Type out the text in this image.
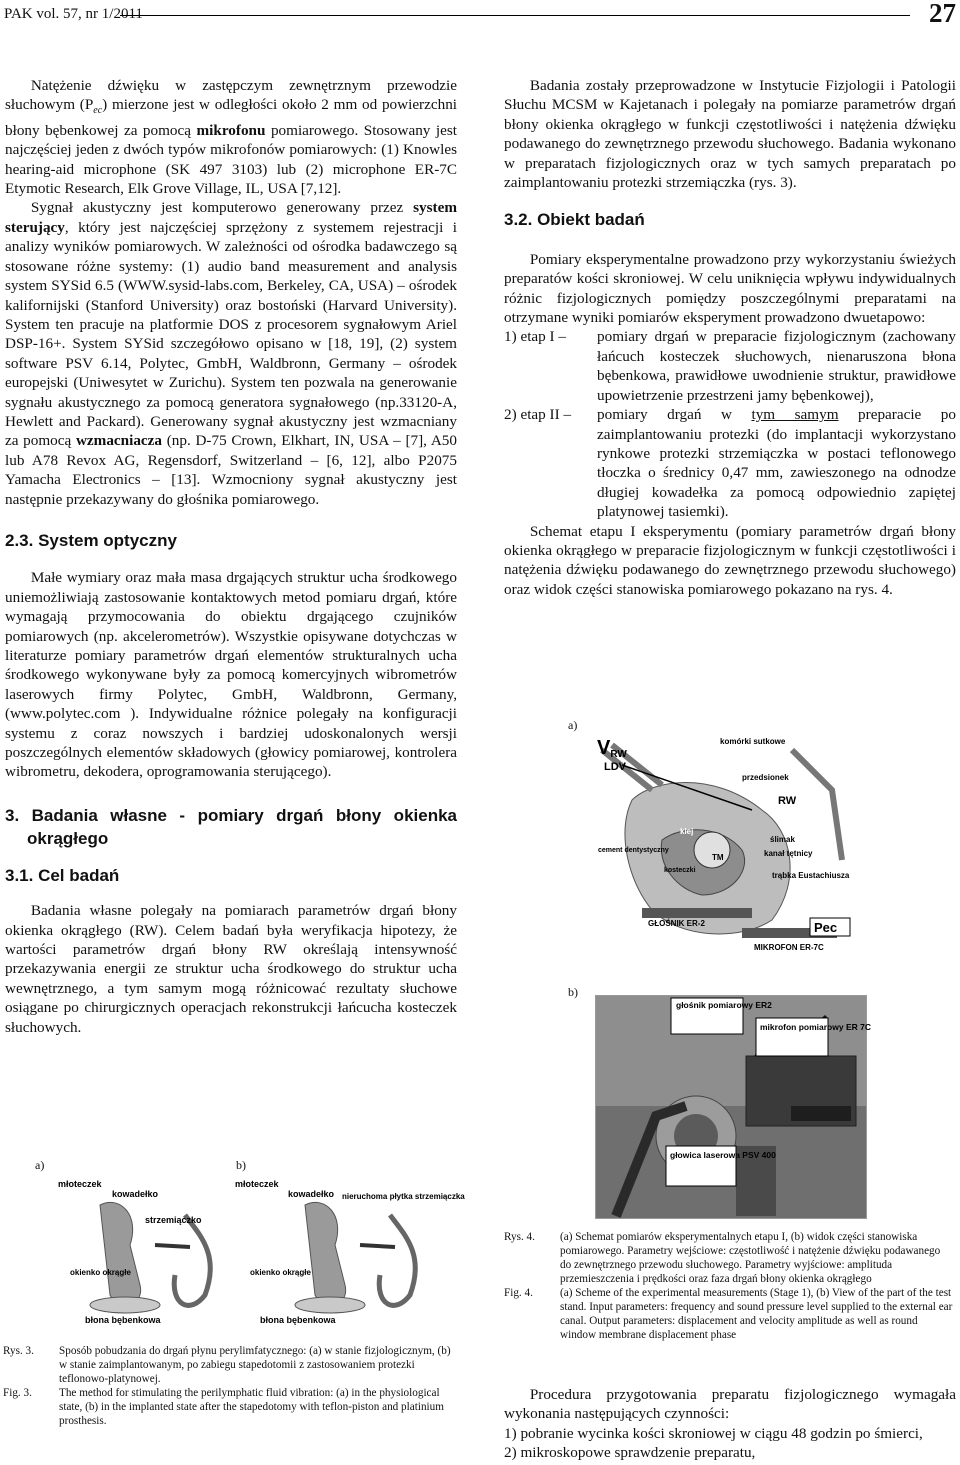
PAK vol. 57, nr 1/2011	27

Natężenie dźwięku w zastępczym zewnętrznym przewodzie słuchowym $(P_{ec})$ mierzone jest w odległości około 2 mm od powierzchni błony bębenkowej za pomocą mikrofonu pomiarowego. Stosowany jest najczęściej jeden z dwóch typów mikrofonów pomiarowych: (1) Knowles hearing-aid microphone (SK 497 3103) lub (2) microphone ER-7C Etymotic Research, Elk Grove Village, IL, USA [7,12].

Sygnał akustyczny jest komputerowo generowany przez system sterujący, który jest najczęściej sprzężony z systemem rejestracji i analizy wyników pomiarowych. W zależności od ośrodka badawczego są stosowane różne systemy: (1) audio band measurement and analysis system SYSid 6.5 (WWW.sysid-labs.com, Berkeley, CA, USA) – ośrodek kalifornijski (Stanford University) oraz bostoński (Harvard University). System ten pracuje na platformie DOS z procesorem sygnałowym Ariel DSP-16+. System SYSid szczegółowo opisano w [18, 19], (2) system software PSV 6.14, Polytec, GmbH, Waldbronn, Germany – ośrodek europejski (Uniwesytet w Zurichu). System ten pozwala na generowanie sygnału akustycznego za pomocą generatora sygnałowego (np.33120-A, Hewlett and Packard). Generowany sygnał akustyczny jest wzmacniany za pomocą wzmacniacza (np. D-75 Crown, Elkhart, IN, USA – [7], A50 lub A78 Revox AG, Regensdorf, Switzerland – [6, 12], albo P2075 Yamacha Electronics – [13]. Wzmocniony sygnał akustyczny jest następnie przekazywany do głośnika pomiarowego.

2.3. System optyczny

Małe wymiary oraz mała masa drgających struktur ucha środkowego uniemożliwiają zastosowanie kontaktowych metod pomiaru drgań, które wymagają przymocowania do obiektu drgającego czujników pomiarowych (np. akcelerometrów). Wszystkie opisywane dotychczas w literaturze pomiary parametrów drgań elementów strukturalnych ucha środkowego wykonywane były za pomocą komercyjnych wibrometrów laserowych firmy Polytec, GmbH, Waldbronn, Germany, (www.polytec.com ). Indywidualne różnice polegały na konfiguracji systemu z coraz nowszych i bardziej udoskonalonych wersji poszczególnych elementów składowych (głowicy pomiarowej, kontrolera wibrometru, dekodera, oprogramowania sterującego).

3. Badania własne - pomiary drgań błony okienka okrągłego
3.1. Cel badań

Badania własne polegały na pomiarach parametrów drgań błony okienka okrągłego (RW). Celem badań była weryfikacja hipotezy, że wartości parametrów drgań błony RW określają intensywność przekazywania energii ze struktur ucha środkowego do struktur ucha wewnętrznego, a tym samym mogą różnicować rezultaty słuchowe osiągane po chirurgicznych operacjach rekonstrukcji łańcucha kosteczek słuchowych.

Badania zostały przeprowadzone w Instytucie Fizjologii i Patologii Słuchu MCSM w Kajetanach i polegały na pomiarze parametrów drgań błony okienka okrągłego w funkcji częstotliwości i natężenia dźwięku podawanego do zewnętrznego przewodu słuchowego. Badania wykonano w preparatach fizjologicznych oraz w tych samych preparatach po zaimplantowaniu protezki strzemiączka (rys. 3).

3.2. Obiekt badań

Pomiary eksperymentalne prowadzono przy wykorzystaniu świeżych preparatów kości skroniowej. W celu uniknięcia wpływu indywidualnych różnic fizjologicznych pomiędzy poszczególnymi preparatami na otrzymane wyniki pomiarów eksperyment prowadzono dwuetapowo:

1) etap I –	pomiary drgań w preparacie fizjologicznym (zachowany łańcuch kosteczek słuchowych, nienaruszona błona bębenkowa, prawidłowe uwodnienie struktur, prawidłowe upowietrzenie przestrzeni jamy bębenkowej),
2) etap II –	pomiary drgań w tym samym preparacie po zaimplantowaniu protezki (do implantacji wykorzystano rynkowe protezki strzemiączka w postaci teflonowego tłoczka o średnicy 0,47 mm, zawieszonego na odnodze długiej kowadełka za pomocą odpowiednio zapiętej platynowej tasiemki).

Schemat etapu I eksperymentu (pomiary parametrów drgań błony okienka okrągłego w preparacie fizjologicznym w funkcji częstotliwości i natężenia dźwięku podawanego do zewnętrznego przewodu słuchowego) oraz widok części stanowiska pomiarowego pokazano na rys. 4.

a)
VRW
LDV
komórki sutkowe
przedsionek
RW
ślimak
kanał tętnicy
trąbka Eustachiusza
cement dentystyczny
klej
TM
kosteczki
GŁOŚNIK ER-2	Pec
MIKROFON ER-7C
b)
głośnik pomiarowy ER2
mikrofon pomiarowy ER 7C
głowica laserowa PSV 400
Rys. 4.	(a) Schemat pomiarów eksperymentalnych etapu I, (b) widok części stanowiska pomiarowego. Parametry wejściowe: częstotliwość i natężenie dźwięku podawanego do zewnętrznego przewodu słuchowego. Parametry wyjściowe: amplituda przemieszczenia i prędkości oraz faza drgań błony okienka okrągłego
Fig. 4.	(a) Scheme of the experimental measurements (Stage 1), (b) View of the part of the test stand. Input parameters: frequency and sound pressure level supplied to the external ear canal. Output parameters: displacement and velocity amplitude as well as round window membrane displacement phase

Procedura przygotowania preparatu fizjologicznego wymagała wykonania następujących czynności:

1) pobranie wycinka kości skroniowej w ciągu 48 godzin po śmierci,

2) mikroskopowe sprawdzenie preparatu,

a)	b)
młoteczek
kowadełko
strzemiączko
okienko okrągłe
błona bębenkowa
młoteczek
kowadełko nieruchoma płytka strzemiączka
okienko okrągłe
błona bębenkowa
Rys. 3.	Sposób pobudzania do drgań płynu perylimfatycznego: (a) w stanie fizjologicznym, (b) w stanie zaimplantowanym, po zabiegu stapedotomii z zastosowaniem protezki teflonowo-platynowej.
Fig. 3.	The method for stimulating the perilymphatic fluid vibration: (a) in the physiological state, (b) in the implanted state after the stapedotomy with teflon-piston and platinium prosthesis.
